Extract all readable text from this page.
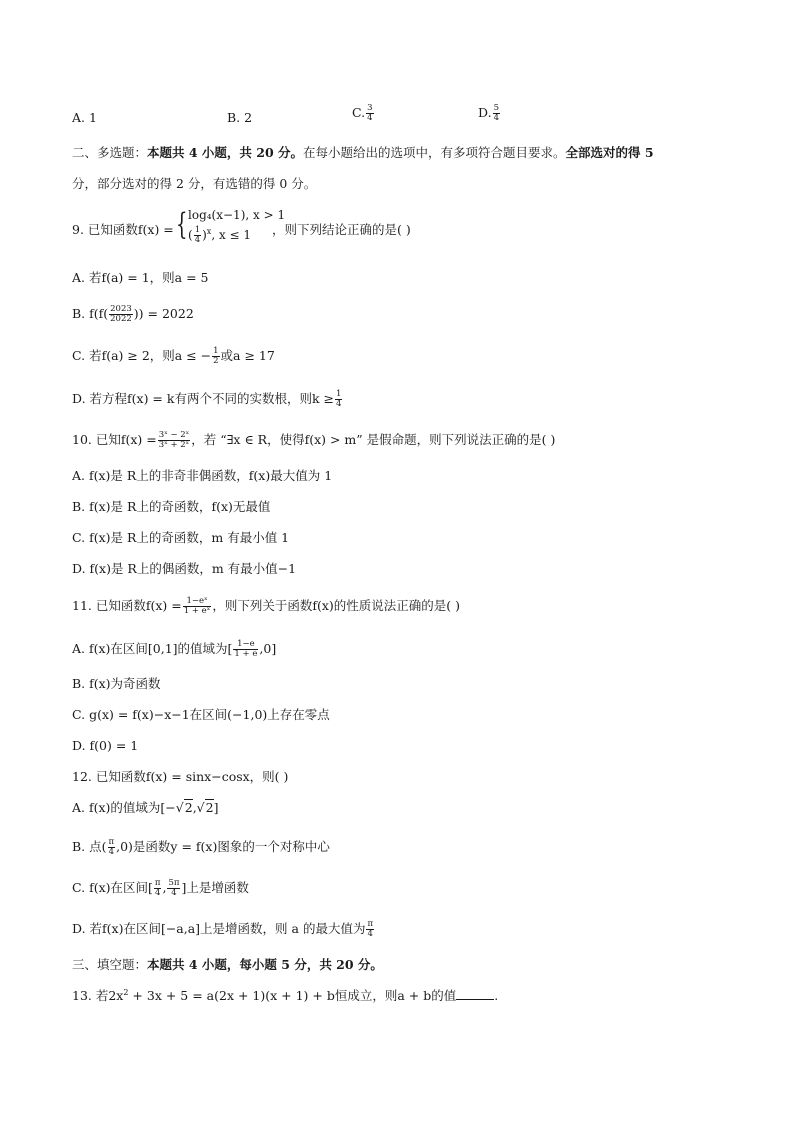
A. 1	B. 2	C. $\frac{3}{4}$	D. $\frac{5}{4}$
二、多选题：本题共 4 小题，共 20 分。在每小题给出的选项中，有多项符合题目要求。全部选对的得 5
分，部分选对的得 2 分，有选错的得 0 分。
9. 已知函数f(x) = { log₄(x−1), x > 1
( $\frac{1}{4} )^x$, x ≤ 1 ，则下列结论正确的是( )
A. 若f(a) = 1，则a = 5
B. $f(f( \frac{2023}{2022}$ )) = 2022
C. 若f(a) ≥ 2，则a ≤ − $\frac{1}{2}$ 或a ≥ 17
D. 若方程f(x) = k有两个不同的实数根，则$k \ge \frac{1}{4}$
10. 已知$f(x) = \frac{\text{3ˣ − 2ˣ}}{\text{3ˣ + 2ˣ}}$ ，若 “∃x ∈ R，使得f(x) > m” 是假命题，则下列说法正确的是( )
A. f(x)是 R上的非奇非偶函数，f(x)最大值为 1
B. f(x)是 R上的奇函数，f(x)无最值
C. f(x)是 R上的奇函数，m 有最小值 1
D. f(x)是 R上的偶函数，m 有最小值−1
11. 已知函数$f(x) = \frac{\text{1−eˣ}}{\text{1 + eˣ}}$ ，则下列关于函数f(x)的性质说法正确的是( )
A. f(x)在区间[0,1]的值域为[ $\frac{1-e}{1 + e} ,0$]
B. f(x)为奇函数
C. g(x) = f(x)−x−1在区间(−1,0)上存在零点
D. f(0) = 1
12. 已知函数f(x) = sinx−cosx，则( )
A. f(x)的值域为[−√2,√2]
B. 点( $\frac{\pi}{4} ,0$)是函数y = f(x)图象的一个对称中心
C. f(x)在区间[ $\frac{\pi}{4}$ , $\frac{5\pi}{4}$ ]上是增函数
D. 若f(x)在区间[−a,a]上是增函数，则 a 的最大值为 $\frac{\pi}{4}$
三、填空题：本题共 4 小题，每小题 5 分，共 20 分。
13. 若$2x^2 + 3x + 5 = a(2x + 1)(x + 1) + b$恒成立，则a + b的值	.
